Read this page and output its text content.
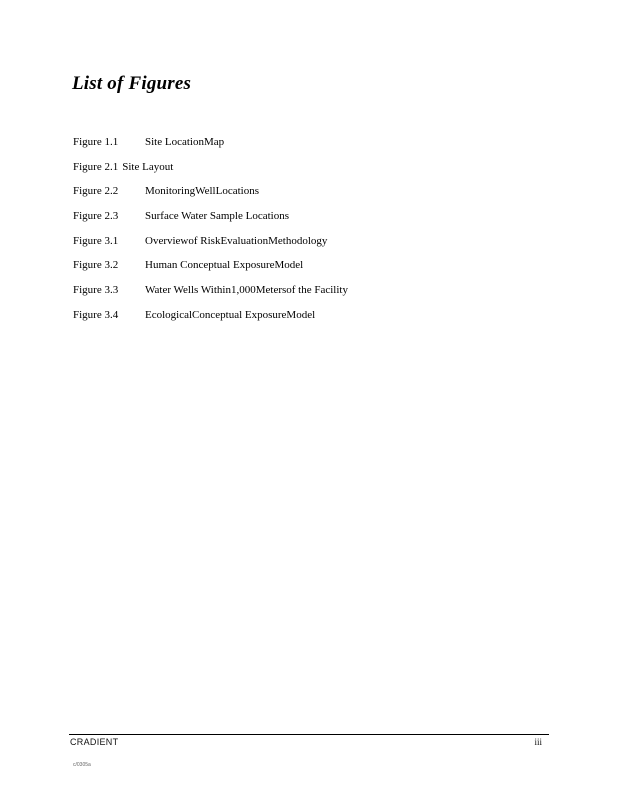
List of Figures
Figure 1.1	Site LocationMap
Figure 2.1 Site Layout
Figure 2.2	MonitoringWellLocations
Figure 2.3	Surface Water Sample Locations
Figure 3.1	Overviewof RiskEvaluationMethodology
Figure 3.2	Human Conceptual ExposureModel
Figure 3.3	Water Wells Within1,000Metersof the Facility
Figure 3.4	EcologicalConceptual ExposureModel
CRADIENT	iii
c/0305a
